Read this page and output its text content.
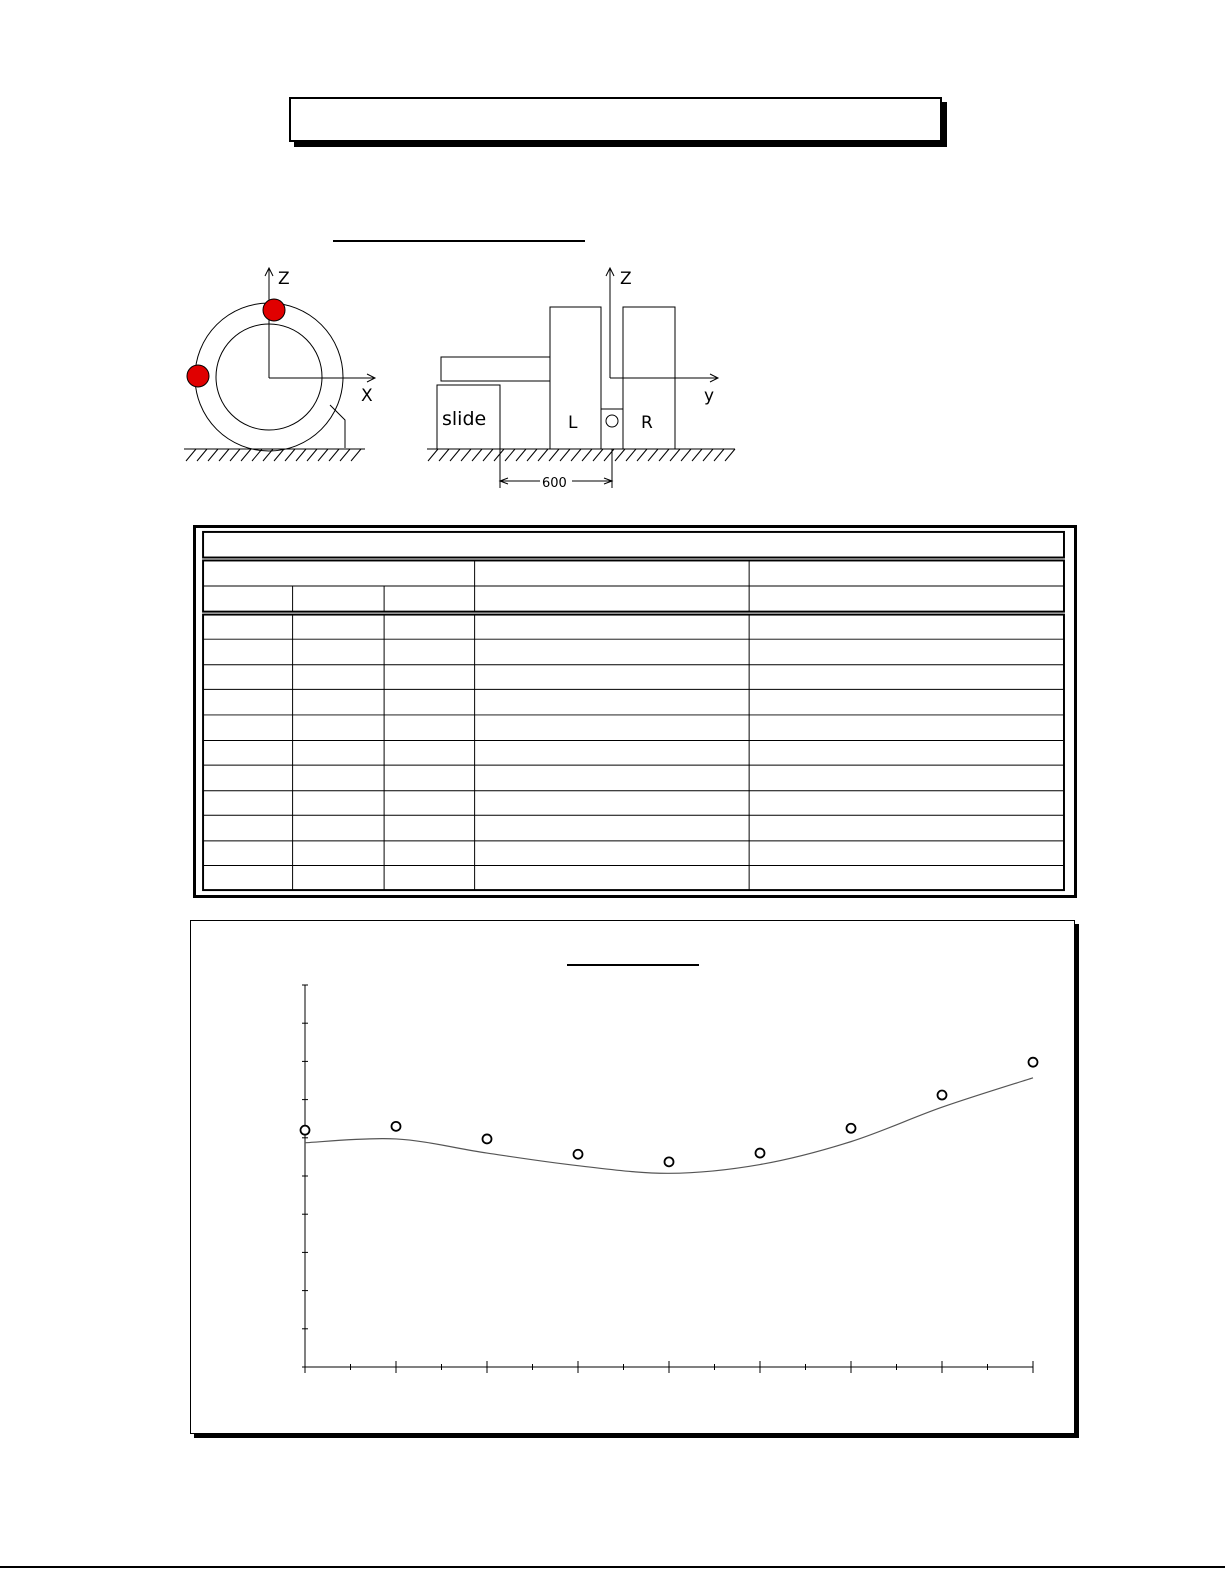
Z
X
Z
y
slide	L	R
600
